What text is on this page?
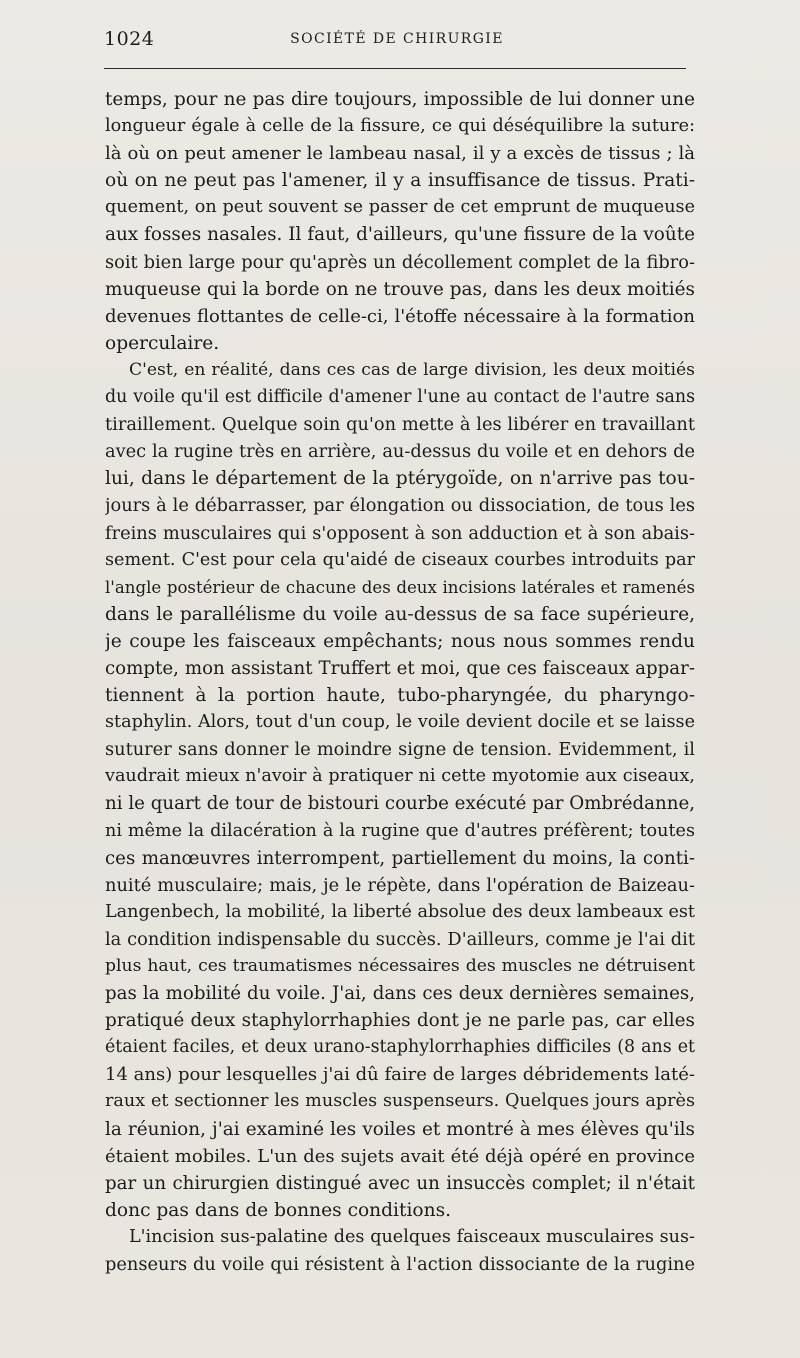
1024	SOCIÉTÉ DE CHIRURGIE
temps, pour ne pas dire toujours, impossible de lui donner une
longueur égale à celle de la fissure, ce qui déséquilibre la suture:
là où on peut amener le lambeau nasal, il y a excès de tissus ; là
où on ne peut pas l'amener, il y a insuffisance de tissus. Prati-
quement, on peut souvent se passer de cet emprunt de muqueuse
aux fosses nasales. Il faut, d'ailleurs, qu'une fissure de la voûte
soit bien large pour qu'après un décollement complet de la fibro-
muqueuse qui la borde on ne trouve pas, dans les deux moitiés
devenues flottantes de celle-ci, l'étoffe nécessaire à la formation
operculaire.
C'est, en réalité, dans ces cas de large division, les deux moitiés
du voile qu'il est difficile d'amener l'une au contact de l'autre sans
tiraillement. Quelque soin qu'on mette à les libérer en travaillant
avec la rugine très en arrière, au-dessus du voile et en dehors de
lui, dans le département de la ptérygoïde, on n'arrive pas tou-
jours à le débarrasser, par élongation ou dissociation, de tous les
freins musculaires qui s'opposent à son adduction et à son abais-
sement. C'est pour cela qu'aidé de ciseaux courbes introduits par
l'angle postérieur de chacune des deux incisions latérales et ramenés
dans le parallélisme du voile au-dessus de sa face supérieure,
je coupe les faisceaux empêchants; nous nous sommes rendu
compte, mon assistant Truffert et moi, que ces faisceaux appar-
tiennent à la portion haute, tubo-pharyngée, du pharyngo-
staphylin. Alors, tout d'un coup, le voile devient docile et se laisse
suturer sans donner le moindre signe de tension. Evidemment, il
vaudrait mieux n'avoir à pratiquer ni cette myotomie aux ciseaux,
ni le quart de tour de bistouri courbe exécuté par Ombrédanne,
ni même la dilacération à la rugine que d'autres préfèrent; toutes
ces manœuvres interrompent, partiellement du moins, la conti-
nuité musculaire; mais, je le répète, dans l'opération de Baizeau-
Langenbech, la mobilité, la liberté absolue des deux lambeaux est
la condition indispensable du succès. D'ailleurs, comme je l'ai dit
plus haut, ces traumatismes nécessaires des muscles ne détruisent
pas la mobilité du voile. J'ai, dans ces deux dernières semaines,
pratiqué deux staphylorrhaphies dont je ne parle pas, car elles
étaient faciles, et deux urano-staphylorrhaphies difficiles (8 ans et
14 ans) pour lesquelles j'ai dû faire de larges débridements laté-
raux et sectionner les muscles suspenseurs. Quelques jours après
la réunion, j'ai examiné les voiles et montré à mes élèves qu'ils
étaient mobiles. L'un des sujets avait été déjà opéré en province
par un chirurgien distingué avec un insuccès complet; il n'était
donc pas dans de bonnes conditions.
L'incision sus-palatine des quelques faisceaux musculaires sus-
penseurs du voile qui résistent à l'action dissociante de la rugine
